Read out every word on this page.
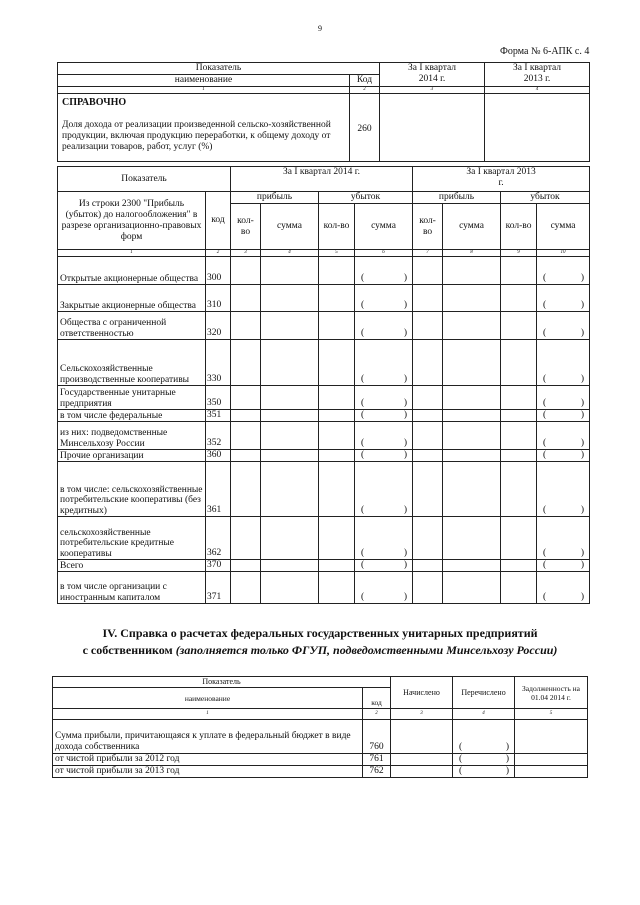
9
Форма № 6-АПК с. 4
Показатель		За I квартал 2014 г.	За I квартал 2013 г.
наименование	Код		
1	2	3	4

СПРАВОЧНО
Доля дохода от реализации произведенной сельско-хозяйственной продукции, включая продукцию переработки, к общему доходу от реализации товаров, работ, услуг (%)	260		
Показатель		За I квартал 2014 г.				За I квартал 2013 г.			
Из строки 2300 "Прибыль (убыток) до налогообложения" в разрезе организационно-правовых форм	код	прибыль		убыток		прибыль		убыток	
		кол-во	сумма	кол-во	сумма	кол-во	сумма	кол-во	сумма
1	2	3	4	5	6	7	8	9	10
Открытые акционерные общества	300				( )				( )

Закрытые акционерные общества	310				( )				( )

Общества с ограниченной ответственностью	320				( )				( )

Сельскохозяйственные производственные кооперативы	330				( )				( )

Государственные унитарные предприятия	350				( )				( )

в том числе федеральные	351				( )				( )

из них: подведомственные Минсельхозу России	352				( )				( )

Прочие организации	360				( )				( )

в том числе: сельскохозяйственные потребительские кооперативы (без кредитных)	361				( )				( )

сельскохозяйственные потребительские кредитные кооперативы	362				( )				( )

Всего	370				( )				( )

в том числе организации с иностранным капиталом	371				( )				( )
IV. Справка о расчетах федеральных государственных унитарных предприятий
с собственником (заполняется только ФГУП, подведомственными Минсельхозу России)
Показатель		Начислено	Перечислено	Задолженность на 01.04 2014 г.
наименование	код			
1	2	3	4	5
Сумма прибыли, причитающаяся к уплате в федеральный бюджет в виде дохода собственника	760		( )	

от чистой прибыли за 2012 год	761		( )	

от чистой прибыли за 2013 год	762		( )	
